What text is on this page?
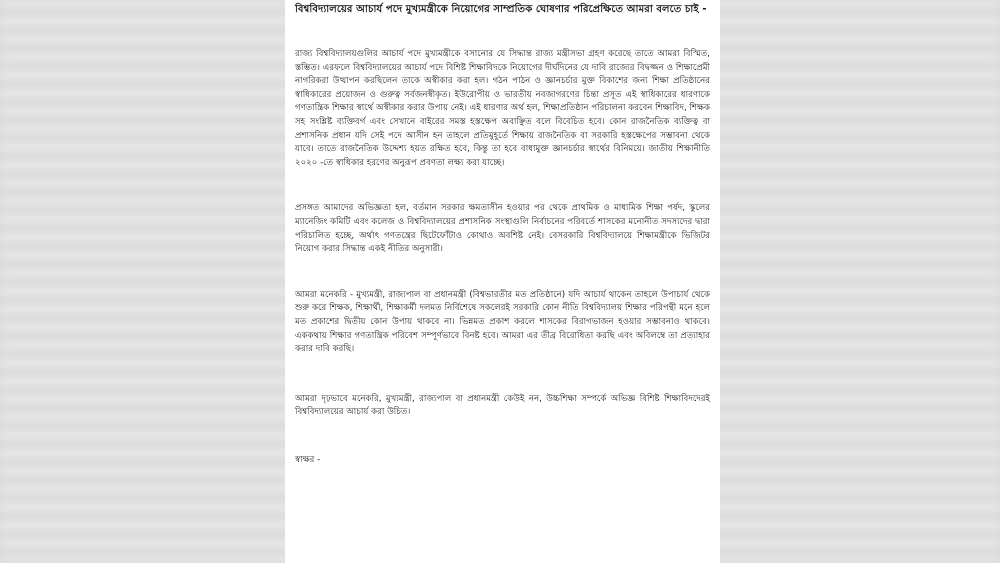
বিশ্ববিদ্যালয়ের আচার্য পদে মুখ্যমন্ত্রীকে নিয়োগের সাম্প্রতিক ঘোষণার পরিপ্রেক্ষিতে আমরা বলতে চাই -

রাজ্য বিশ্ববিদ্যালয়গুলির আচার্য পদে মুখ্যমন্ত্রীকে বসানোর যে সিদ্ধান্ত রাজ্য মন্ত্রীসভা গ্রহণ করেছে তাতে আমরা বিস্মিত, স্তম্ভিত। এরফলে বিশ্ববিদ্যালয়ের আচার্য পদে বিশিষ্ট শিক্ষাবিদকে নিয়োগের দীর্ঘদিনের যে দাবি রাজ্যের বিদ্বজ্জন ও শিক্ষাপ্রেমী নাগরিকরা উত্থাপন করছিলেন তাকে অস্বীকার করা হল। গঠন পাঠন ও জ্ঞানচর্চার মুক্ত বিকাশের জন্য শিক্ষা প্রতিষ্ঠানের স্বাধিকারের প্রয়োজন ও গুরুত্ব সর্বজনস্বীকৃত। ইউরোপীয় ও ভারতীয় নবজাগরণের চিন্তা প্রসূত এই স্বাধিকারের ধারণাকে গণতান্ত্রিক শিক্ষার স্বার্থে অস্বীকার করার উপায় নেই। এই ধারণার অর্থ হল, শিক্ষাপ্রতিষ্ঠান পরিচালনা করবেন শিক্ষাবিদ, শিক্ষক সহ সংশ্লিষ্ট ব্যক্তিবর্গ এবং সেখানে বাইরের সমস্ত হস্তক্ষেপ অবাঞ্ছিত বলে বিবেচিত হবে। কোন রাজনৈতিক ব্যক্তিত্ব বা প্রশাসনিক প্রধান যদি সেই পদে আসীন হন তাহলে প্রতিমুহূর্তে শিক্ষায় রাজনৈতিক বা সরকারি হস্তক্ষেপের সম্ভাবনা থেকে যাবে। তাতে রাজনৈতিক উদ্দেশ্য হয়ত রক্ষিত হবে, কিন্তু তা হবে বাধামুক্ত জ্ঞানচর্চার স্বার্থের বিনিময়ে। জাতীয় শিক্ষানীতি ২০২০ -তে স্বাধিকার হরণের অনুরূপ প্রবণতা লক্ষ্য করা যাচ্ছে।

প্রসঙ্গত আমাদের অভিজ্ঞতা হল, বর্তমান সরকার ক্ষমতাসীন হওয়ার পর থেকে প্রাথমিক ও মাধ্যমিক শিক্ষা পর্ষদ, স্কুলের ম্যানেজিং কমিটি এবং কলেজ ও বিশ্ববিদ্যালয়ের প্রশাসনিক সংস্থাগুলি নির্বাচনের পরিবর্তে শাসকের মনোনীত সদস্যদের দ্বারা পরিচালিত হচ্ছে, অর্থাৎ গণতন্ত্রের ছিটেফোঁটাও কোথাও অবশিষ্ট নেই। বেসরকারি বিশ্ববিদ্যালয়ে শিক্ষামন্ত্রীকে ভিজিটর নিয়োগ করার সিদ্ধান্ত একই নীতির অনুসারী।

আমরা মনেকরি - মুখ্যমন্ত্রী, রাজ্যপাল বা প্রধানমন্ত্রী (বিশ্বভারতীর মত প্রতিষ্ঠানে) যদি আচার্য থাকেন তাহলে উপাচার্য থেকে শুরু করে শিক্ষক, শিক্ষার্থী, শিক্ষাকর্মী দলমত নির্বিশেষে সকলেরই সরকারি কোন নীতি বিশ্ববিদ্যালয় শিক্ষার পরিপন্থী মনে হলে মত প্রকাশের দ্বিতীয় কোন উপায় থাকবে না। ভিন্নমত প্রকাশ করলে শাসকের বিরাগভাজন হওয়ার সম্ভাবনাও থাকবে। এককথায় শিক্ষার গণতান্ত্রিক পরিবেশ সম্পূর্ণভাবে বিনষ্ট হবে। আমরা এর তীব্র বিরোধিতা করছি এবং অবিলম্বে তা প্রত্যাহার করার দাবি করছি।

আমরা দৃঢ়ভাবে মনেকরি, মুখ্যমন্ত্রী, রাজ্যপাল বা প্রধানমন্ত্রী কেউই নন, উচ্চশিক্ষা সম্পর্কে অভিজ্ঞ বিশিষ্ট শিক্ষাবিদদেরই বিশ্ববিদ্যালয়ের আচার্য করা উচিত।

স্বাক্ষর -
